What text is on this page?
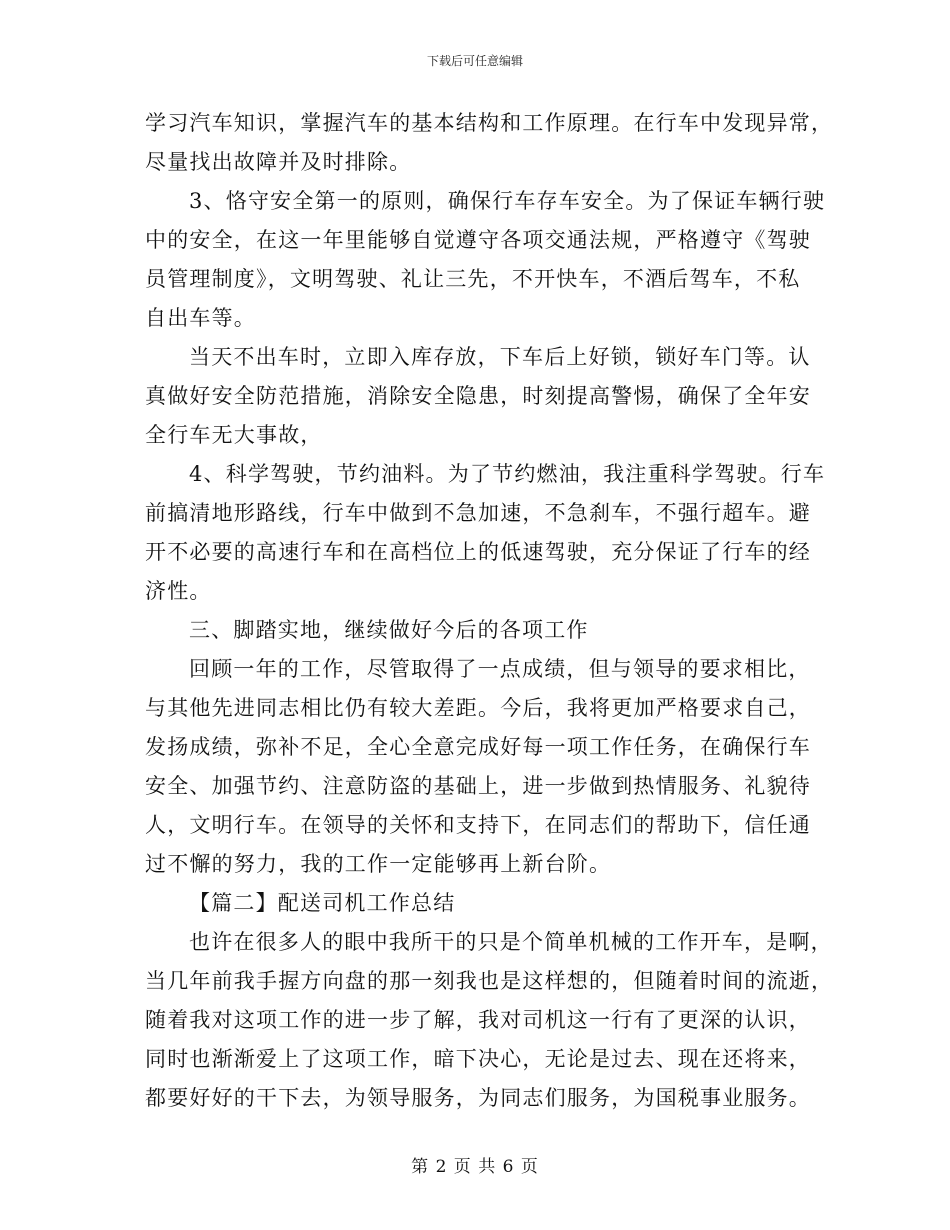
下载后可任意编辑
学习汽车知识，掌握汽车的基本结构和工作原理。在行车中发现异常，
尽量找出故障并及时排除。
3、恪守安全第一的原则，确保行车存车安全。为了保证车辆行驶
中的安全，在这一年里能够自觉遵守各项交通法规，严格遵守《驾驶
员管理制度》，文明驾驶、礼让三先，不开快车，不酒后驾车，不私
自出车等。
当天不出车时，立即入库存放，下车后上好锁，锁好车门等。认
真做好安全防范措施，消除安全隐患，时刻提高警惕，确保了全年安
全行车无大事故，
4、科学驾驶，节约油料。为了节约燃油，我注重科学驾驶。行车
前搞清地形路线，行车中做到不急加速，不急刹车，不强行超车。避
开不必要的高速行车和在高档位上的低速驾驶，充分保证了行车的经
济性。
三、脚踏实地，继续做好今后的各项工作
回顾一年的工作，尽管取得了一点成绩，但与领导的要求相比，
与其他先进同志相比仍有较大差距。今后，我将更加严格要求自己，
发扬成绩，弥补不足，全心全意完成好每一项工作任务，在确保行车
安全、加强节约、注意防盗的基础上，进一步做到热情服务、礼貌待
人，文明行车。在领导的关怀和支持下，在同志们的帮助下，信任通
过不懈的努力，我的工作一定能够再上新台阶。
【篇二】配送司机工作总结
也许在很多人的眼中我所干的只是个简单机械的工作开车，是啊，
当几年前我手握方向盘的那一刻我也是这样想的，但随着时间的流逝，
随着我对这项工作的进一步了解，我对司机这一行有了更深的认识，
同时也渐渐爱上了这项工作，暗下决心，无论是过去、现在还将来，
都要好好的干下去，为领导服务，为同志们服务，为国税事业服务。
第 2 页 共 6 页
